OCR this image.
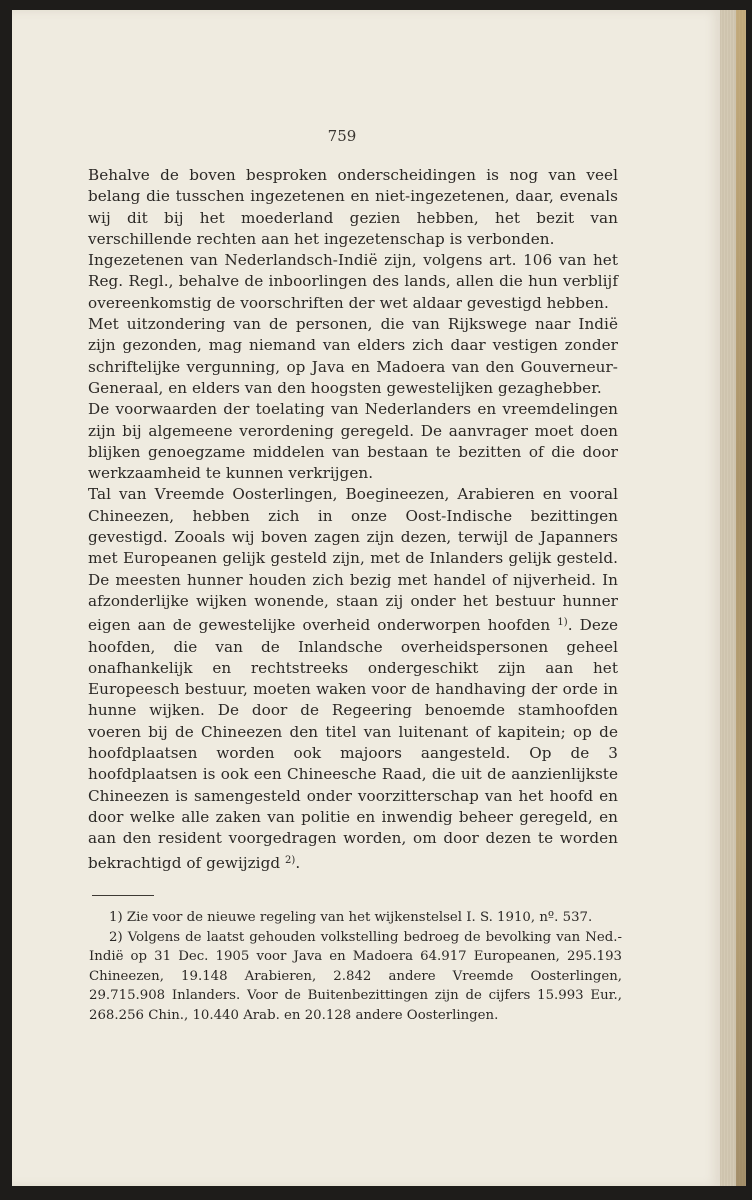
759

Behalve de boven besproken onderscheidingen is nog van veel belang die tusschen ingezetenen en niet-ingezetenen, daar, evenals wij dit bij het moederland gezien hebben, het bezit van verschillende rechten aan het ingezetenschap is verbonden.

Ingezetenen van Nederlandsch-Indië zijn, volgens art. 106 van het Reg. Regl., behalve de inboorlingen des lands, allen die hun verblijf overeenkomstig de voorschriften der wet aldaar gevestigd hebben.

Met uitzondering van de personen, die van Rijkswege naar Indië zijn gezonden, mag niemand van elders zich daar vestigen zonder schriftelijke vergunning, op Java en Madoera van den Gouverneur-Generaal, en elders van den hoogsten gewestelijken gezaghebber.

De voorwaarden der toelating van Nederlanders en vreemdelingen zijn bij algemeene verordening geregeld. De aanvrager moet doen blijken genoegzame middelen van bestaan te bezitten of die door werkzaamheid te kunnen verkrijgen.

Tal van Vreemde Oosterlingen, Boegineezen, Arabieren en vooral Chineezen, hebben zich in onze Oost-Indische bezittingen gevestigd. Zooals wij boven zagen zijn dezen, terwijl de Japanners met Europeanen gelijk gesteld zijn, met de Inlanders gelijk gesteld. De meesten hunner houden zich bezig met handel of nijverheid. In afzonderlijke wijken wonende, staan zij onder het bestuur hunner eigen aan de gewestelijke overheid onderworpen hoofden $^{1)}$. Deze hoofden, die van de Inlandsche overheidspersonen geheel onafhankelijk en rechtstreeks ondergeschikt zijn aan het Europeesch bestuur, moeten waken voor de handhaving der orde in hunne wijken. De door de Regeering benoemde stamhoofden voeren bij de Chineezen den titel van luitenant of kapitein; op de hoofdplaatsen worden ook majoors aangesteld. Op de 3 hoofdplaatsen is ook een Chineesche Raad, die uit de aanzienlijkste Chineezen is samengesteld onder voorzitterschap van het hoofd en door welke alle zaken van politie en inwendig beheer geregeld, en aan den resident voorgedragen worden, om door dezen te worden bekrachtigd of gewijzigd $^{2)}$.

1) Zie voor de nieuwe regeling van het wijkenstelsel I. S. 1910, nº. 537.

2) Volgens de laatst gehouden volkstelling bedroeg de bevolking van Ned.-Indië op 31 Dec. 1905 voor Java en Madoera 64.917 Europeanen, 295.193 Chineezen, 19.148 Arabieren, 2.842 andere Vreemde Oosterlingen, 29.715.908 Inlanders. Voor de Buitenbezittingen zijn de cijfers 15.993 Eur., 268.256 Chin., 10.440 Arab. en 20.128 andere Oosterlingen.
